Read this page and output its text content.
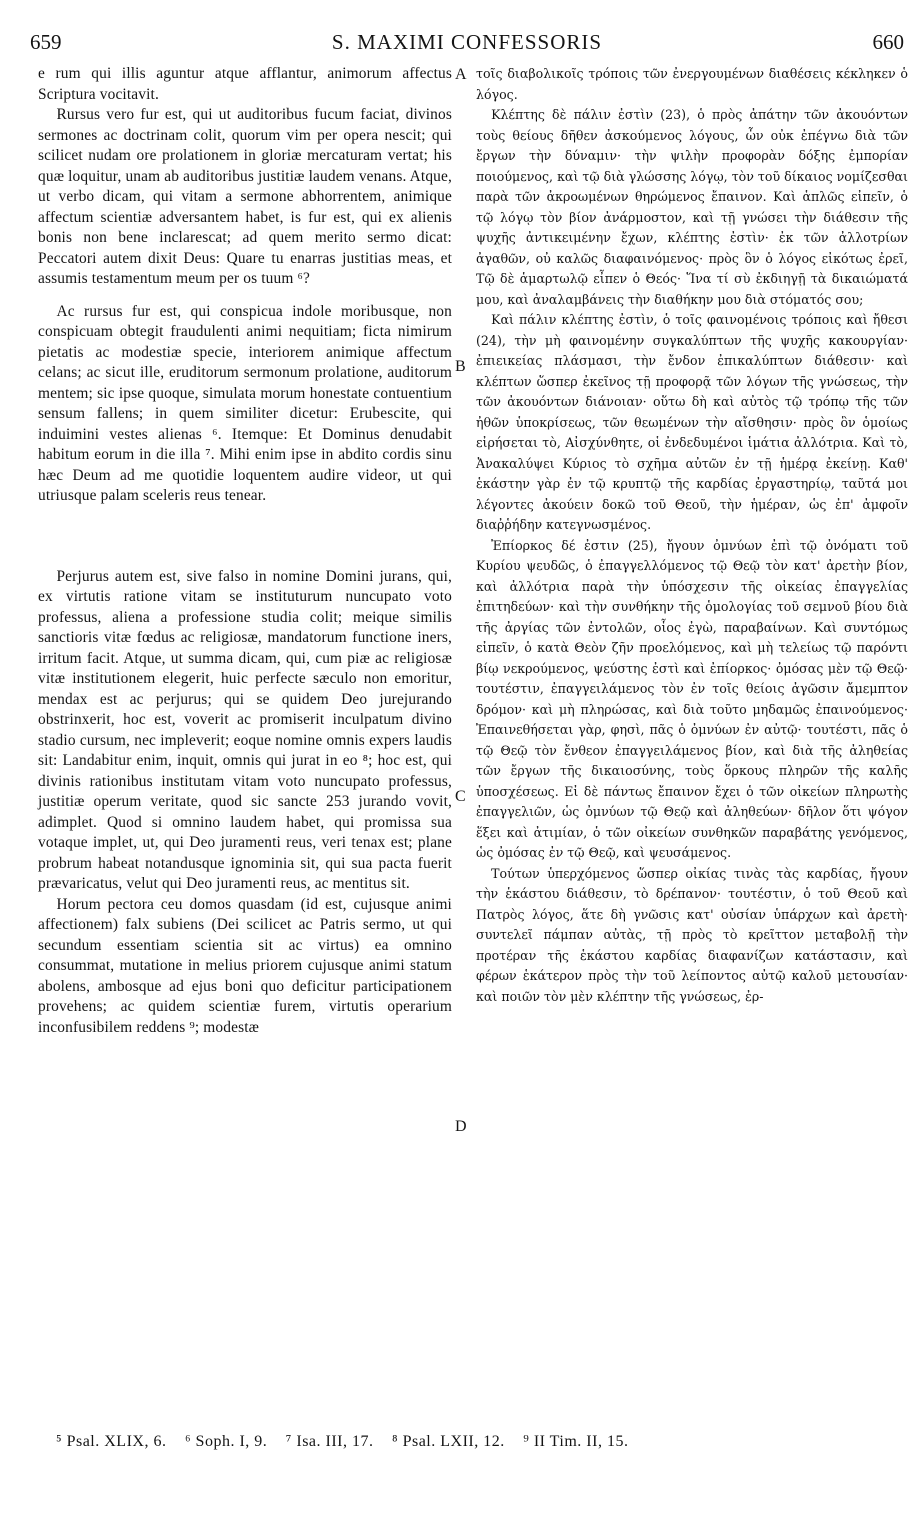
659	S. MAXIMI CONFESSORIS	660

e rum qui illis aguntur atque afflantur, animorum affectus Scriptura vocitavit.

Rursus vero fur est, qui ut auditoribus fucum faciat, divinos sermones ac doctrinam colit, quorum vim per opera nescit; qui scilicet nudam ore prolationem in gloriæ mercaturam vertat; his quæ loquitur, unam ab auditoribus justitiæ laudem venans. Atque, ut verbo dicam, qui vitam a sermone abhorrentem, animique affectum scientiæ adversantem habet, is fur est, qui ex alienis bonis non bene inclarescat; ad quem merito sermo dicat: Peccatori autem dixit Deus: Quare tu enarras justitias meas, et assumis testamentum meum per os tuum ⁶?

Ac rursus fur est, qui conspicua indole moribusque, non conspicuam obtegit fraudulenti animi nequitiam; ficta nimirum pietatis ac modestiæ specie, interiorem animique affectum celans; ac sicut ille, eruditorum sermonum prolatione, auditorum mentem; sic ipse quoque, simulata morum honestate contuentium sensum fallens; in quem similiter dicetur: Erubescite, qui induimini vestes alienas ⁶. Itemque: Et Dominus denudabit habitum eorum in die illa ⁷. Mihi enim ipse in abdito cordis sinu hæc Deum ad me quotidie loquentem audire videor, ut qui utriusque palam sceleris reus tenear.

Perjurus autem est, sive falso in nomine Domini jurans, qui, ex virtutis ratione vitam se instituturum nuncupato voto professus, aliena a professione studia colit; meique similis sanctioris vitæ fœdus ac religiosæ, mandatorum functione iners, irritum facit. Atque, ut summa dicam, qui, cum piæ ac religiosæ vitæ institutionem elegerit, huic perfecte sæculo non emoritur, mendax est ac perjurus; qui se quidem Deo jurejurando obstrinxerit, hoc est, voverit ac promiserit inculpatum divino stadio cursum, nec impleverit; eoque nomine omnis expers laudis sit: Landabitur enim, inquit, omnis qui jurat in eo ⁸; hoc est, qui divinis rationibus institutam vitam voto nuncupato professus, justitiæ operum veritate, quod sic sancte 253 jurando vovit, adimplet. Quod si omnino laudem habet, qui promissa sua votaque implet, ut, qui Deo juramenti reus, veri tenax est; plane probrum habeat notandusque ignominia sit, qui sua pacta fuerit prævaricatus, velut qui Deo juramenti reus, ac mentitus sit.

Horum pectora ceu domos quasdam (id est, cujusque animi affectionem) falx subiens (Dei scilicet ac Patris sermo, ut qui secundum essentiam scientia sit ac virtus) ea omnino consummat, mutatione in melius priorem cujusque animi statum abolens, ambosque ad ejus boni quo deficitur participationem provehens; ac quidem scientiæ furem, virtutis operarium inconfusibilem reddens ⁹; modestæ

A
B
C
D

τοῖς διαβολικοῖς τρόποις τῶν ἐνεργουμένων διαθέσεις κέκληκεν ὁ λόγος.

Κλέπτης δὲ πάλιν ἐστὶν (23), ὁ πρὸς ἀπάτην τῶν ἀκουόντων τοὺς θείους δῆθεν ἀσκούμενος λόγους, ὧν οὐκ ἐπέγνω διὰ τῶν ἔργων τὴν δύναμιν· τὴν ψιλὴν προφορὰν δόξης ἐμπορίαν ποιούμενος, καὶ τῷ διὰ γλώσσης λόγῳ, τὸν τοῦ δίκαιος νομίζεσθαι παρὰ τῶν ἀκροωμένων θηρώμενος ἔπαινον. Καὶ ἁπλῶς εἰπεῖν, ὁ τῷ λόγῳ τὸν βίον ἀνάρμοστον, καὶ τῇ γνώσει τὴν διάθεσιν τῆς ψυχῆς ἀντικειμένην ἔχων, κλέπτης ἐστὶν· ἐκ τῶν ἀλλοτρίων ἀγαθῶν, οὐ καλῶς διαφαινόμενος· πρὸς ὃν ὁ λόγος εἰκότως ἐρεῖ, Τῷ δὲ ἁμαρτωλῷ εἶπεν ὁ Θεός· Ἵνα τί σὺ ἐκδιηγῇ τὰ δικαιώματά μου, καὶ ἀναλαμβάνεις τὴν διαθήκην μου διὰ στόματός σου;

Καὶ πάλιν κλέπτης ἐστὶν, ὁ τοῖς φαινομένοις τρόποις καὶ ἤθεσι (24), τὴν μὴ φαινομένην συγκαλύπτων τῆς ψυχῆς κακουργίαν· ἐπιεικείας πλάσμασι, τὴν ἔνδον ἐπικαλύπτων διάθεσιν· καὶ κλέπτων ὥσπερ ἐκεῖνος τῇ προφορᾷ τῶν λόγων τῆς γνώσεως, τὴν τῶν ἀκουόντων διάνοιαν· οὕτω δὴ καὶ αὐτὸς τῷ τρόπῳ τῆς τῶν ἠθῶν ὑποκρίσεως, τῶν θεωμένων τὴν αἴσθησιν· πρὸς ὃν ὁμοίως εἰρήσεται τὸ, Αἰσχύνθητε, οἱ ἐνδεδυμένοι ἱμάτια ἀλλότρια. Καὶ τὸ, Ἀνακαλύψει Κύριος τὸ σχῆμα αὐτῶν ἐν τῇ ἡμέρᾳ ἐκείνῃ. Καθ' ἑκάστην γὰρ ἐν τῷ κρυπτῷ τῆς καρδίας ἐργαστηρίῳ, ταῦτά μοι λέγοντες ἀκούειν δοκῶ τοῦ Θεοῦ, τὴν ἡμέραν, ὡς ἐπ' ἀμφοῖν διαῤῥήδην κατεγνωσμένος.

Ἐπίορκος δέ ἐστιν (25), ἤγουν ὀμνύων ἐπὶ τῷ ὀνόματι τοῦ Κυρίου ψευδῶς, ὁ ἐπαγγελλόμενος τῷ Θεῷ τὸν κατ' ἀρετὴν βίον, καὶ ἀλλότρια παρὰ τὴν ὑπόσχεσιν τῆς οἰκείας ἐπαγγελίας ἐπιτηδεύων· καὶ τὴν συνθήκην τῆς ὁμολογίας τοῦ σεμνοῦ βίου διὰ τῆς ἀργίας τῶν ἐντολῶν, οἷος ἐγὼ, παραβαίνων. Καὶ συντόμως εἰπεῖν, ὁ κατὰ Θεὸν ζῆν προελόμενος, καὶ μὴ τελείως τῷ παρόντι βίῳ νεκρούμενος, ψεύστης ἐστὶ καὶ ἐπίορκος· ὀμόσας μὲν τῷ Θεῷ· τουτέστιν, ἐπαγγειλάμενος τὸν ἐν τοῖς θείοις ἀγῶσιν ἄμεμπτον δρόμον· καὶ μὴ πληρώσας, καὶ διὰ τοῦτο μηδαμῶς ἐπαινούμενος· Ἐπαινεθήσεται γὰρ, φησὶ, πᾶς ὁ ὀμνύων ἐν αὐτῷ· τουτέστι, πᾶς ὁ τῷ Θεῷ τὸν ἔνθεον ἐπαγγειλάμενος βίον, καὶ διὰ τῆς ἀληθείας τῶν ἔργων τῆς δικαιοσύνης, τοὺς ὅρκους πληρῶν τῆς καλῆς ὑποσχέσεως. Εἰ δὲ πάντως ἔπαινον ἔχει ὁ τῶν οἰκείων πληρωτὴς ἐπαγγελιῶν, ὡς ὀμνύων τῷ Θεῷ καὶ ἀληθεύων· δῆλον ὅτι ψόγον ἕξει καὶ ἀτιμίαν, ὁ τῶν οἰκείων συνθηκῶν παραβάτης γενόμενος, ὡς ὀμόσας ἐν τῷ Θεῷ, καὶ ψευσάμενος.

Τούτων ὑπερχόμενος ὥσπερ οἰκίας τινὰς τὰς καρδίας, ἤγουν τὴν ἑκάστου διάθεσιν, τὸ δρέπανον· τουτέστιν, ὁ τοῦ Θεοῦ καὶ Πατρὸς λόγος, ἅτε δὴ γνῶσις κατ' οὐσίαν ὑπάρχων καὶ ἀρετὴ· συντελεῖ πάμπαν αὐτὰς, τῇ πρὸς τὸ κρεῖττον μεταβολῇ τὴν προτέραν τῆς ἑκάστου καρδίας διαφανίζων κατάστασιν, καὶ φέρων ἑκάτερον πρὸς τὴν τοῦ λείποντος αὐτῷ καλοῦ μετουσίαν· καὶ ποιῶν τὸν μὲν κλέπτην τῆς γνώσεως, ἐρ-

⁵ Psal. XLIX, 6. ⁶ Soph. I, 9. ⁷ Isa. III, 17. ⁸ Psal. LXII, 12. ⁹ II Tim. II, 15.
